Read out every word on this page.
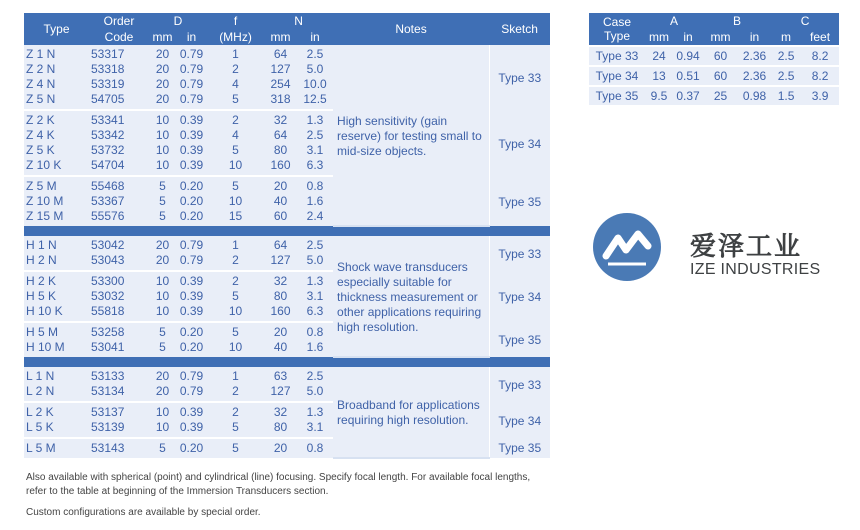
Type	Order	D		f	N		Notes	Sketch
	Code	mm	in	(MHz)	mm	in		
Z 1 N	53317	20	0.79	1	64	2.5	High sensitivity (gain reserve) for testing small to mid-size objects.	Type 33
Z 2 N	53318	20	0.79	2	127	5.0		
Z 4 N	53319	20	0.79	4	254	10.0		
Z 5 N	54705	20	0.79	5	318	12.5		
Z 2 K	53341	10	0.39	2	32	1.3		Type 34
Z 4 K	53342	10	0.39	4	64	2.5		
Z 5 K	53732	10	0.39	5	80	3.1		
Z 10 K	54704	10	0.39	10	160	6.3		
Z 5 M	55468	5	0.20	5	20	0.8		Type 35
Z 10 M	53367	5	0.20	10	40	1.6		
Z 15 M	55576	5	0.20	15	60	2.4		

H 1 N	53042	20	0.79	1	64	2.5	Shock wave transducers especially suitable for thickness measurement or other applications requiring high resolution.	Type 33
H 2 N	53043	20	0.79	2	127	5.0		
H 2 K	53300	10	0.39	2	32	1.3		Type 34
H 5 K	53032	10	0.39	5	80	3.1		
H 10 K	55818	10	0.39	10	160	6.3		
H 5 M	53258	5	0.20	5	20	0.8		Type 35
H 10 M	53041	5	0.20	10	40	1.6		

L 1 N	53133	20	0.79	1	63	2.5	Broadband for applications requiring high resolution.	Type 33
L 2 N	53134	20	0.79	2	127	5.0		
L 2 K	53137	10	0.39	2	32	1.3		Type 34
L 5 K	53139	10	0.39	5	80	3.1		
L 5 M	53143	5	0.20	5	20	0.8		Type 35
Case
Type	A		B		C	
	mm	in	mm	in	m	feet
Type 33	24	0.94	60	2.36	2.5	8.2
Type 34	13	0.51	60	2.36	2.5	8.2
Type 35	9.5	0.37	25	0.98	1.5	3.9
Also available with spherical (point) and cylindrical (line) focusing. Specify focal length. For available focal lengths,
refer to the table at beginning of the Immersion Transducers section.
Custom configurations are available by special order.
爱泽工业
IZE INDUSTRIES
